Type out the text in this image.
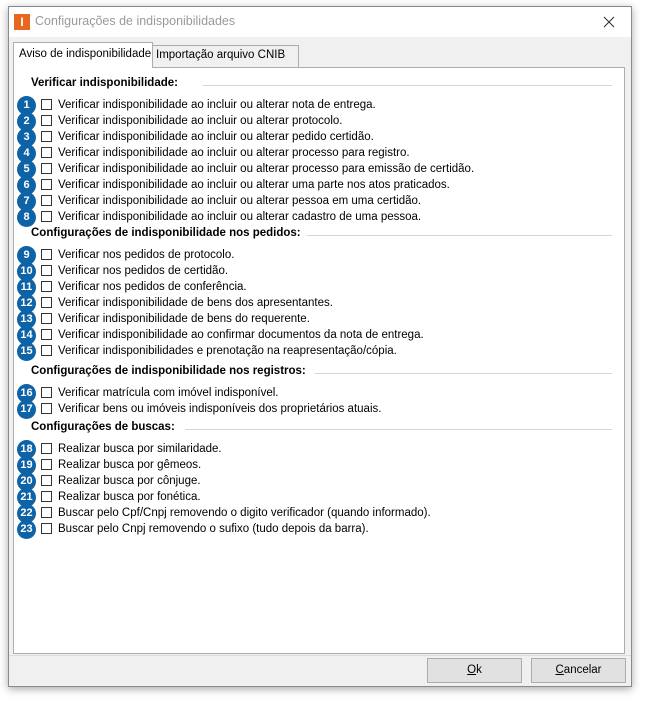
I Configurações de indisponibilidades
Aviso de indisponibilidade Importação arquivo CNIB
Verificar indisponibilidade:
1	Verificar indisponibilidade ao incluir ou alterar nota de entrega.
2	Verificar indisponibilidade ao incluir ou alterar protocolo.
3	Verificar indisponibilidade ao incluir ou alterar pedido certidão.
4	Verificar indisponibilidade ao incluir ou alterar processo para registro.
5	Verificar indisponibilidade ao incluir ou alterar processo para emissão de certidão.
6	Verificar indisponibilidade ao incluir ou alterar uma parte nos atos praticados.
7	Verificar indisponibilidade ao incluir ou alterar pessoa em uma certidão.
8	Verificar indisponibilidade ao incluir ou alterar cadastro de uma pessoa.
Configurações de indisponibilidade nos pedidos:
9	Verificar nos pedidos de protocolo.
10 Verificar nos pedidos de certidão.
11	Verificar nos pedidos de conferência.
12 Verificar indisponibilidade de bens dos apresentantes.
13 Verificar indisponibilidade de bens do requerente.
14 Verificar indisponibilidade ao confirmar documentos da nota de entrega.
15 Verificar indisponibilidades e prenotação na reapresentação/cópia.
Configurações de indisponibilidade nos registros:
16 Verificar matrícula com imóvel indisponível.
17 Verificar bens ou imóveis indisponíveis dos proprietários atuais.
Configurações de buscas:
18 Realizar busca por similaridade.
19 Realizar busca por gêmeos.
20 Realizar busca por cônjuge.
21 Realizar busca por fonética.
22 Buscar pelo Cpf/Cnpj removendo o digito verificador (quando informado).
23 Buscar pelo Cnpj removendo o sufixo (tudo depois da barra).
Ok	Cancelar
